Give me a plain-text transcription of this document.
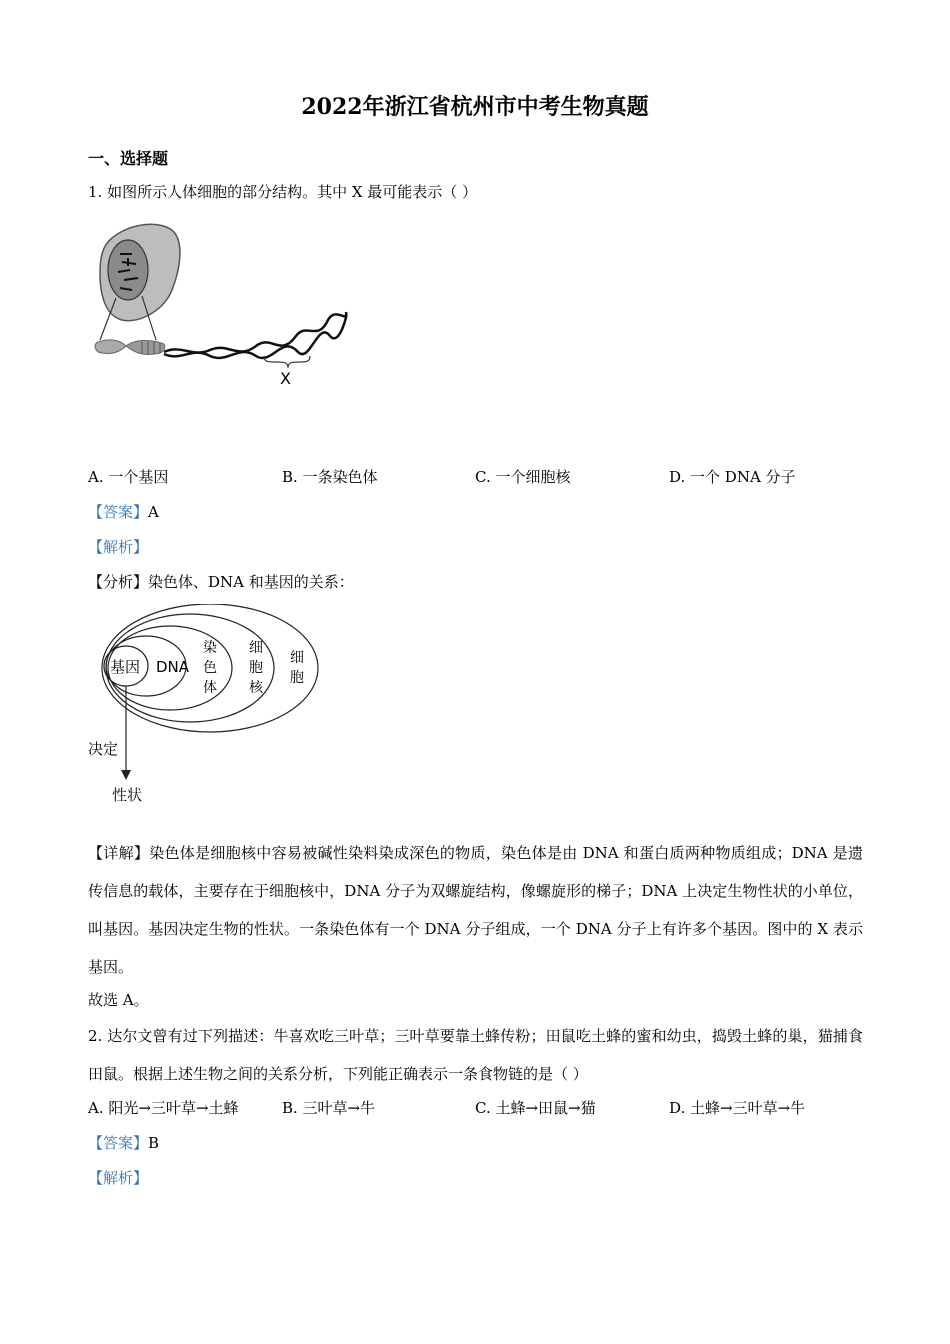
2022年浙江省杭州市中考生物真题
一、选择题
1. 如图所示人体细胞的部分结构。其中 X 最可能表示（ ）
X
A. 一个基因	B. 一条染色体	C. 一个细胞核	D. 一个 DNA 分子
【答案】A
【解析】
【分析】染色体、DNA 和基因的关系：
基因 DNA
染
色
体
细
胞
核
细
胞
决定
性状
【详解】染色体是细胞核中容易被碱性染料染成深色的物质，染色体是由 DNA 和蛋白质两种物质组成；DNA 是遗传信息的载体，主要存在于细胞核中，DNA 分子为双螺旋结构，像螺旋形的梯子；DNA 上决定生物性状的小单位，叫基因。基因决定生物的性状。一条染色体有一个 DNA 分子组成，一个 DNA 分子上有许多个基因。图中的 X 表示基因。
故选 A。
2. 达尔文曾有过下列描述：牛喜欢吃三叶草；三叶草要靠土蜂传粉；田鼠吃土蜂的蜜和幼虫，捣毁土蜂的巢，猫捕食田鼠。根据上述生物之间的关系分析，下列能正确表示一条食物链的是（ ）
A. 阳光→三叶草→土蜂	B. 三叶草→牛	C. 土蜂→田鼠→猫	D. 土蜂→三叶草→牛
【答案】B
【解析】
